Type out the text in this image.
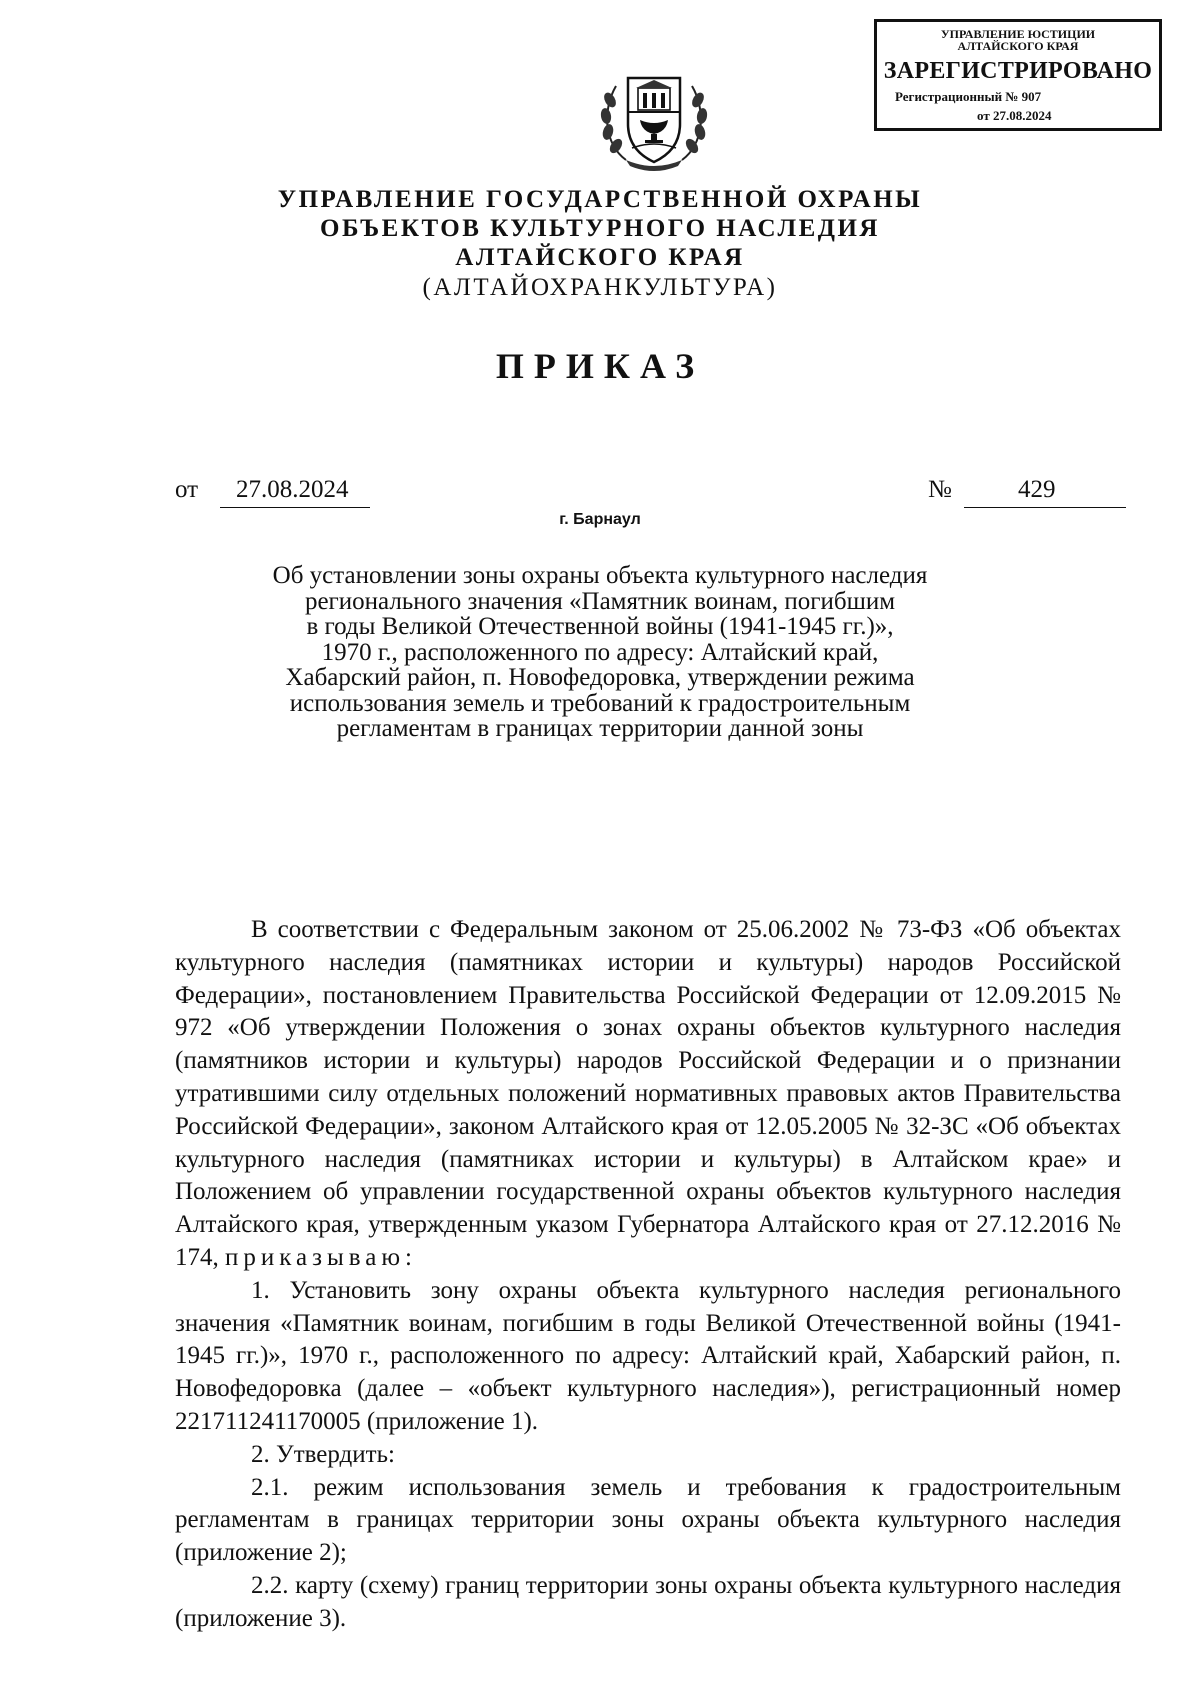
УПРАВЛЕНИЕ ЮСТИЦИИ
АЛТАЙСКОГО КРАЯ
ЗАРЕГИСТРИРОВАНО
Регистрационный № 907
от 27.08.2024
УПРАВЛЕНИЕ ГОСУДАРСТВЕННОЙ ОХРАНЫ
ОБЪЕКТОВ КУЛЬТУРНОГО НАСЛЕДИЯ
АЛТАЙСКОГО КРАЯ
(АЛТАЙОХРАНКУЛЬТУРА)
ПРИКАЗ
от 27.08.2024	№	429
г. Барнаул
Об установлении зоны охраны объекта культурного наследия
регионального значения «Памятник воинам, погибшим
в годы Великой Отечественной войны (1941-1945 гг.)»,
1970 г., расположенного по адресу: Алтайский край,
Хабарский район, п. Новофедоровка, утверждении режима
использования земель и требований к градостроительным
регламентам в границах территории данной зоны

В соответствии с Федеральным законом от 25.06.2002 № 73-ФЗ «Об объектах культурного наследия (памятниках истории и культуры) народов Российской Федерации», постановлением Правительства Российской Федерации от 12.09.2015 № 972 «Об утверждении Положения о зонах охраны объектов культурного наследия (памятников истории и культуры) народов Российской Федерации и о признании утратившими силу отдельных положений нормативных правовых актов Правительства Российской Федерации», законом Алтайского края от 12.05.2005 № 32-ЗС «Об объектах культурного наследия (памятниках истории и культуры) в Алтайском крае» и Положением об управлении государственной охраны объектов культурного наследия Алтайского края, утвержденным указом Губернатора Алтайского края от 27.12.2016 № 174, приказываю:

1. Установить зону охраны объекта культурного наследия регионального значения «Памятник воинам, погибшим в годы Великой Отечественной войны (1941-1945 гг.)», 1970 г., расположенного по адресу: Алтайский край, Хабарский район, п. Новофедоровка (далее – «объект культурного наследия»), регистрационный номер 221711241170005 (приложение 1).

2. Утвердить:

2.1. режим использования земель и требования к градостроительным регламентам в границах территории зоны охраны объекта культурного наследия (приложение 2);

2.2. карту (схему) границ территории зоны охраны объекта культурного наследия (приложение 3).
